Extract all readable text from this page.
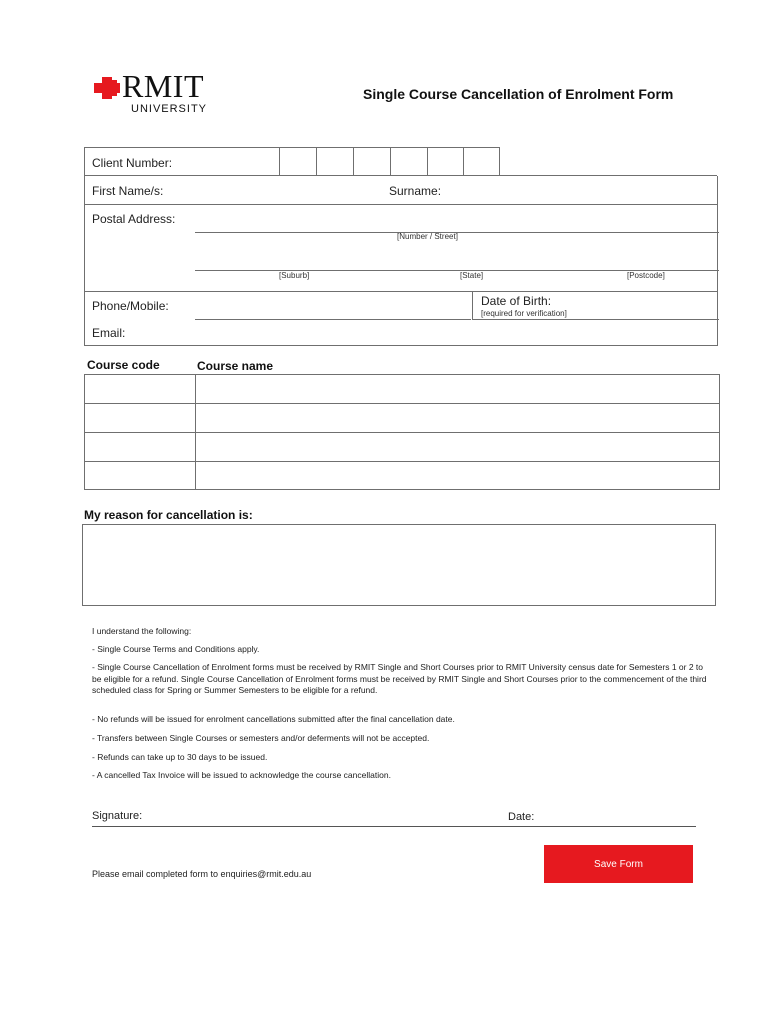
RMIT
UNIVERSITY
Single Course Cancellation of Enrolment Form
Client Number:
First Name/s:	Surname:
Postal Address:
[Number / Street]
[Suburb]	[State]	[Postcode]
Phone/Mobile:	Date of Birth:
[required for verification]
Email:
Course code	Course name
My reason for cancellation is:
I understand the following:
- Single Course Terms and Conditions apply.
- Single Course Cancellation of Enrolment forms must be received by RMIT Single and Short Courses prior to RMIT University census date for Semesters 1 or 2 to be eligible for a refund. Single Course Cancellation of Enrolment forms must be received by RMIT Single and Short Courses prior to the commencement of the third scheduled class for Spring or Summer Semesters to be eligible for a refund.
- No refunds will be issued for enrolment cancellations submitted after the final cancellation date.
- Transfers between Single Courses or semesters and/or deferments will not be accepted.
- Refunds can take up to 30 days to be issued.
- A cancelled Tax Invoice will be issued to acknowledge the course cancellation.
Signature:	Date:
Save Form
Please email completed form to enquiries@rmit.edu.au
